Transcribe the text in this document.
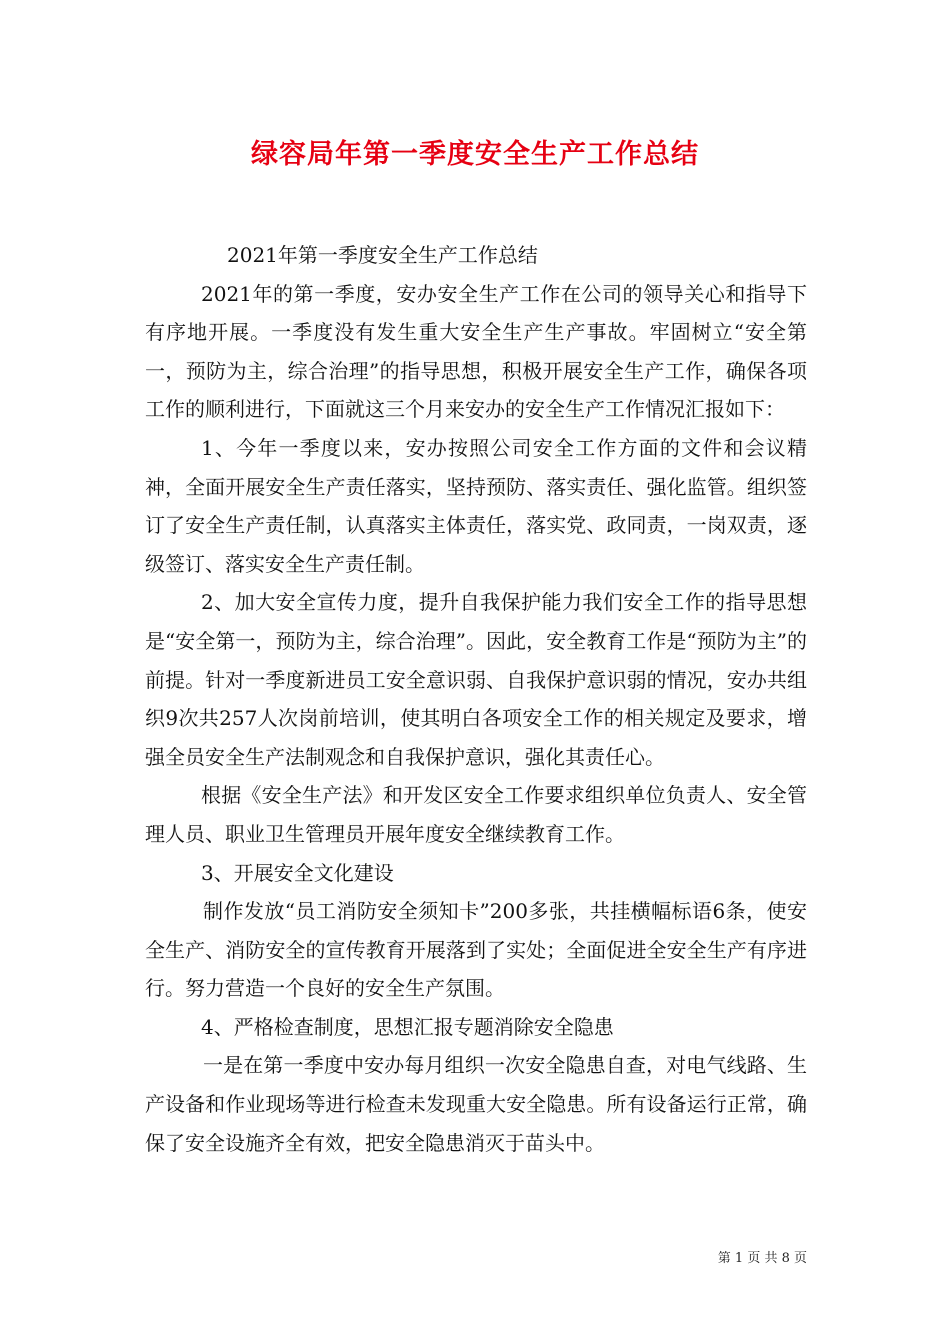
绿容局年第一季度安全生产工作总结

2021年第一季度安全生产工作总结

2021年的第一季度，安办安全生产工作在公司的领导关心和指导下有序地开展。一季度没有发生重大安全生产生产事故。牢固树立“安全第一，预防为主，综合治理”的指导思想，积极开展安全生产工作，确保各项工作的顺利进行，下面就这三个月来安办的安全生产工作情况汇报如下：

1、今年一季度以来，安办按照公司安全工作方面的文件和会议精神，全面开展安全生产责任落实，坚持预防、落实责任、强化监管。组织签订了安全生产责任制，认真落实主体责任，落实党、政同责，一岗双责，逐级签订、落实安全生产责任制。

2、加大安全宣传力度，提升自我保护能力我们安全工作的指导思想是“安全第一，预防为主，综合治理”。因此，安全教育工作是“预防为主”的前提。针对一季度新进员工安全意识弱、自我保护意识弱的情况，安办共组织9次共257人次岗前培训，使其明白各项安全工作的相关规定及要求，增强全员安全生产法制观念和自我保护意识，强化其责任心。

根据《安全生产法》和开发区安全工作要求组织单位负责人、安全管理人员、职业卫生管理员开展年度安全继续教育工作。

3、开展安全文化建设

制作发放“员工消防安全须知卡”200多张，共挂横幅标语6条，使安全生产、消防安全的宣传教育开展落到了实处；全面促进全安全生产有序进行。努力营造一个良好的安全生产氛围。

4、严格检查制度，思想汇报专题消除安全隐患

一是在第一季度中安办每月组织一次安全隐患自查，对电气线路、生产设备和作业现场等进行检查未发现重大安全隐患。所有设备运行正常，确保了安全设施齐全有效，把安全隐患消灭于苗头中。

第 1 页 共 8 页
